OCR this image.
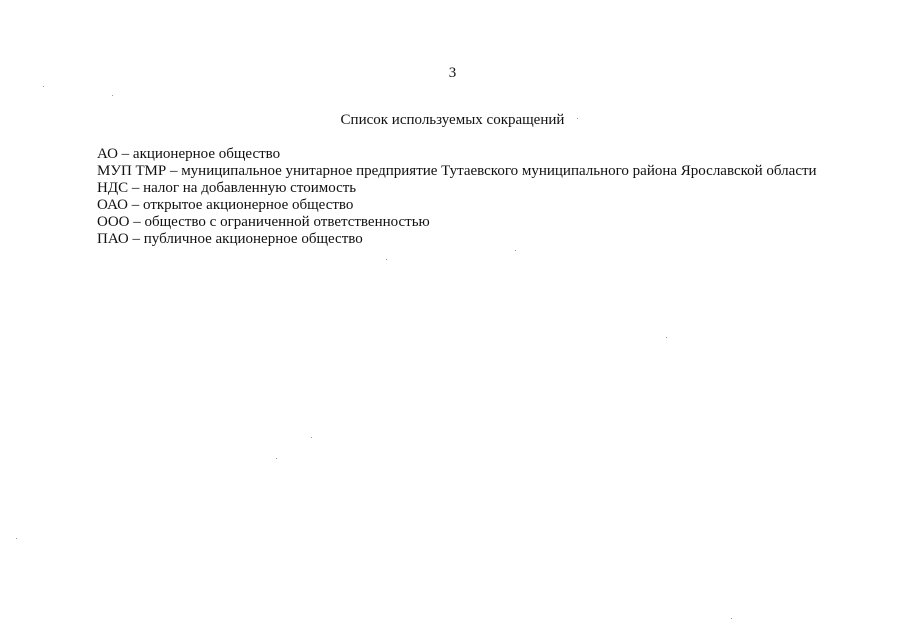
3
Список используемых сокращений
АО – акционерное общество
МУП ТМР – муниципальное унитарное предприятие Тутаевского муниципального района Ярославской области
НДС – налог на добавленную стоимость
ОАО – открытое акционерное общество
ООО – общество с ограниченной ответственностью
ПАО – публичное акционерное общество
